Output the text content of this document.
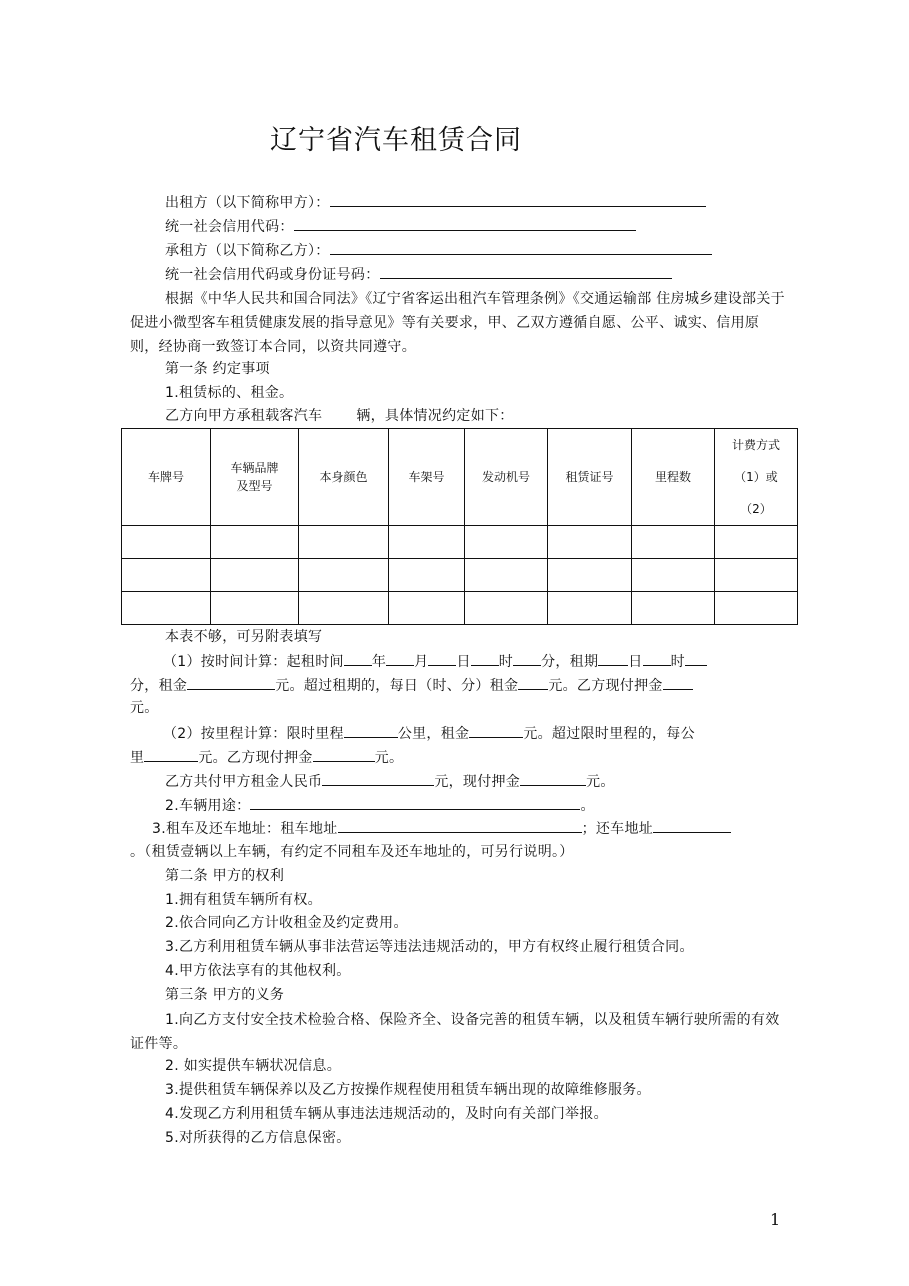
辽宁省汽车租赁合同
出租方（以下简称甲方）：
统一社会信用代码：
承租方（以下简称乙方）：
统一社会信用代码或身份证号码：
根据《中华人民共和国合同法》《辽宁省客运出租汽车管理条例》《交通运输部 住房城乡建设部关于促进小微型客车租赁健康发展的指导意见》等有关要求，甲、乙双方遵循自愿、公平、诚实、信用原则，经协商一致签订本合同，以资共同遵守。
第一条 约定事项
1.租赁标的、租金。
乙方向甲方承租载客汽车 辆，具体情况约定如下：
车牌号	车辆品牌及型号	本身颜色	车架号	发动机号	租赁证号	里程数	计费方式（1）或（2）

本表不够，可另附表填写
（1）按时间计算：起租时间 年 月 日 时 分，租期 日 时
分，租金	元。超过租期的，每日（时、分）租金 元。乙方现付押金
元。
（2）按里程计算：限时里程	公里，租金	元。超过限时里程的，每公
里	元。乙方现付押金	元。
乙方共付甲方租金人民币	元，现付押金	元。
2.车辆用途：	。
3.租车及还车地址：租车地址	；还车地址
。（租赁壹辆以上车辆，有约定不同租车及还车地址的，可另行说明。）
第二条 甲方的权利
1.拥有租赁车辆所有权。
2.依合同向乙方计收租金及约定费用。
3.乙方利用租赁车辆从事非法营运等违法违规活动的，甲方有权终止履行租赁合同。
4.甲方依法享有的其他权利。
第三条 甲方的义务
1.向乙方支付安全技术检验合格、保险齐全、设备完善的租赁车辆，以及租赁车辆行驶所需的有效证件等。
2. 如实提供车辆状况信息。
3.提供租赁车辆保养以及乙方按操作规程使用租赁车辆出现的故障维修服务。
4.发现乙方利用租赁车辆从事违法违规活动的，及时向有关部门举报。
5.对所获得的乙方信息保密。
1
